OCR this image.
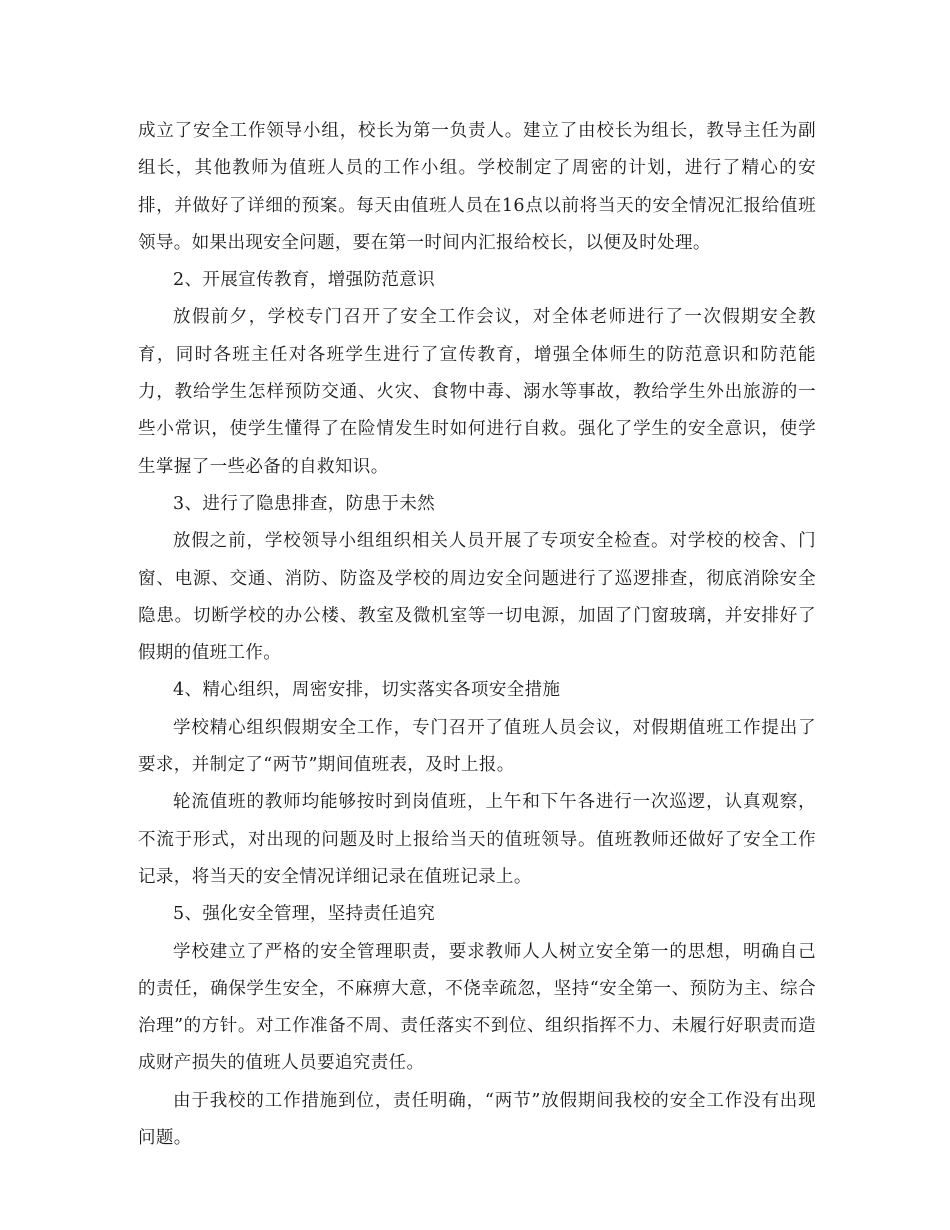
成立了安全工作领导小组，校长为第一负责人。建立了由校长为组长，教导主任为副组长，其他教师为值班人员的工作小组。学校制定了周密的计划，进行了精心的安排，并做好了详细的预案。每天由值班人员在16点以前将当天的安全情况汇报给值班领导。如果出现安全问题，要在第一时间内汇报给校长，以便及时处理。

2、开展宣传教育，增强防范意识

放假前夕，学校专门召开了安全工作会议，对全体老师进行了一次假期安全教育，同时各班主任对各班学生进行了宣传教育，增强全体师生的防范意识和防范能力，教给学生怎样预防交通、火灾、食物中毒、溺水等事故，教给学生外出旅游的一些小常识，使学生懂得了在险情发生时如何进行自救。强化了学生的安全意识，使学生掌握了一些必备的自救知识。

3、进行了隐患排查，防患于未然

放假之前，学校领导小组组织相关人员开展了专项安全检查。对学校的校舍、门窗、电源、交通、消防、防盗及学校的周边安全问题进行了巡逻排查，彻底消除安全隐患。切断学校的办公楼、教室及微机室等一切电源，加固了门窗玻璃，并安排好了假期的值班工作。

4、精心组织，周密安排，切实落实各项安全措施

学校精心组织假期安全工作，专门召开了值班人员会议，对假期值班工作提出了要求，并制定了“两节”期间值班表，及时上报。

轮流值班的教师均能够按时到岗值班，上午和下午各进行一次巡逻，认真观察，不流于形式，对出现的问题及时上报给当天的值班领导。值班教师还做好了安全工作记录，将当天的安全情况详细记录在值班记录上。

5、强化安全管理，坚持责任追究

学校建立了严格的安全管理职责，要求教师人人树立安全第一的思想，明确自己的责任，确保学生安全，不麻痹大意，不侥幸疏忽，坚持“安全第一、预防为主、综合治理”的方针。对工作准备不周、责任落实不到位、组织指挥不力、未履行好职责而造成财产损失的值班人员要追究责任。

由于我校的工作措施到位，责任明确，“两节”放假期间我校的安全工作没有出现问题。
